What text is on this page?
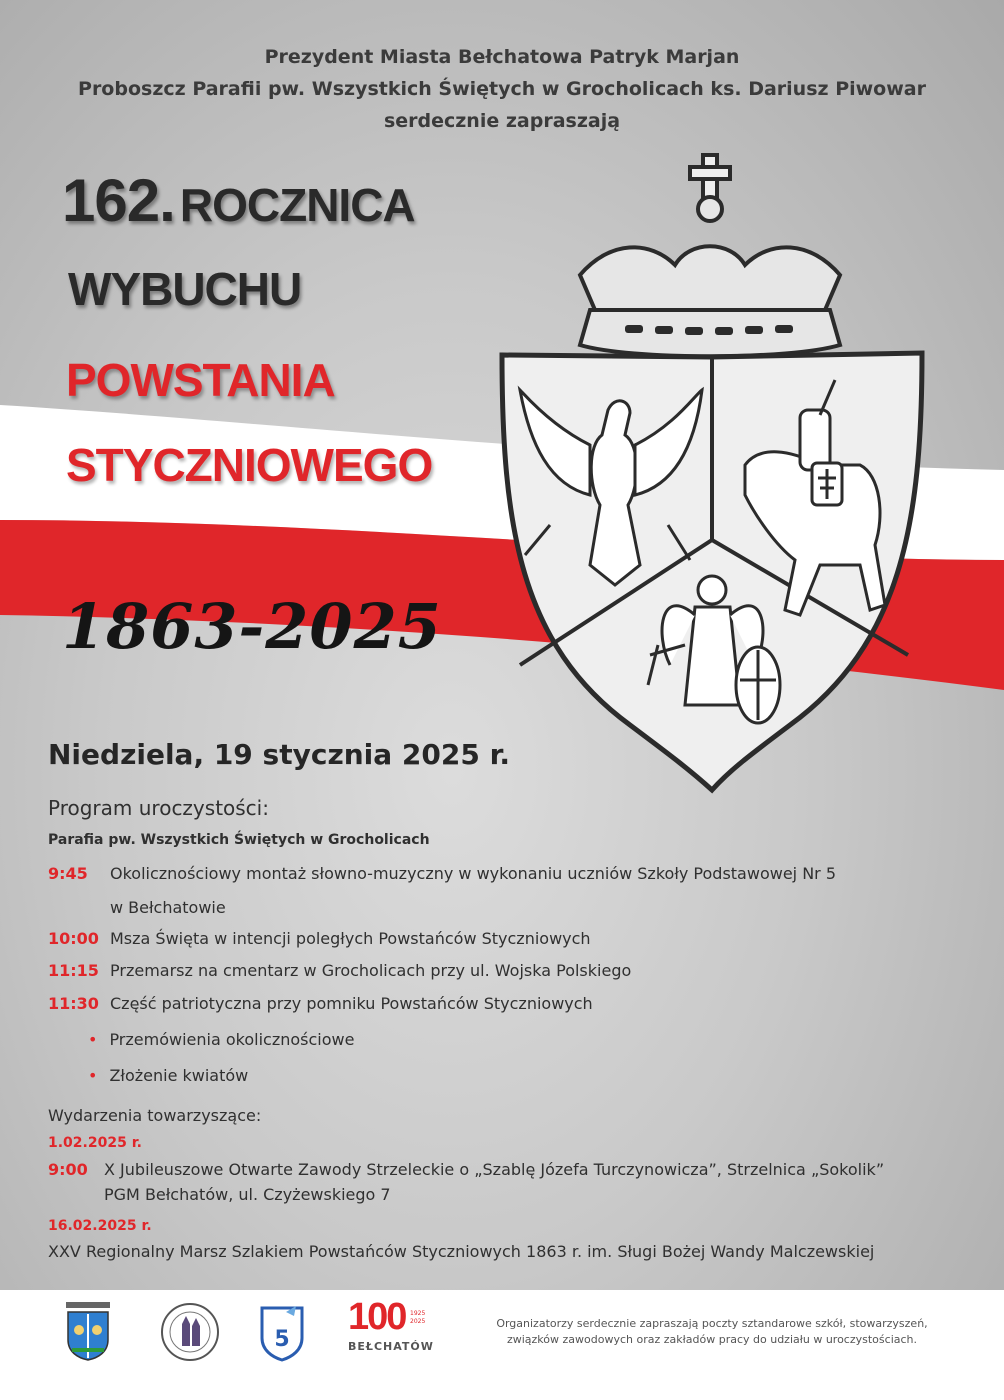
Prezydent Miasta Bełchatowa Patryk Marjan
Proboszcz Parafii pw. Wszystkich Świętych w Grocholicach ks. Dariusz Piwowar
serdecznie zapraszają
162. ROCZNICA
WYBUCHU
POWSTANIA
STYCZNIOWEGO
1863-2025
Niedziela, 19 stycznia 2025 r.
Program uroczystości:
Parafia pw. Wszystkich Świętych w Grocholicach
9:45 Okolicznościowy montaż słowno-muzyczny w wykonaniu uczniów Szkoły Podstawowej Nr 5
w Bełchatowie
10:00 Msza Święta w intencji poległych Powstańców Styczniowych
11:15 Przemarsz na cmentarz w Grocholicach przy ul. Wojska Polskiego
11:30 Część patriotyczna przy pomniku Powstańców Styczniowych
• Przemówienia okolicznościowe
• Złożenie kwiatów
Wydarzenia towarzyszące:
1.02.2025 r.
9:00 X Jubileuszowe Otwarte Zawody Strzeleckie o „Szablę Józefa Turczynowicza”, Strzelnica „Sokolik”
PGM Bełchatów, ul. Czyżewskiego 7
16.02.2025 r.
XXV Regionalny Marsz Szlakiem Powstańców Styczniowych 1863 r. im. Sługi Bożej Wandy Malczewskiej
5
100 1925
2025
BEŁCHATÓW
Organizatorzy serdecznie zapraszają poczty sztandarowe szkół, stowarzyszeń, związków zawodowych oraz zakładów pracy do udziału w uroczystościach.
